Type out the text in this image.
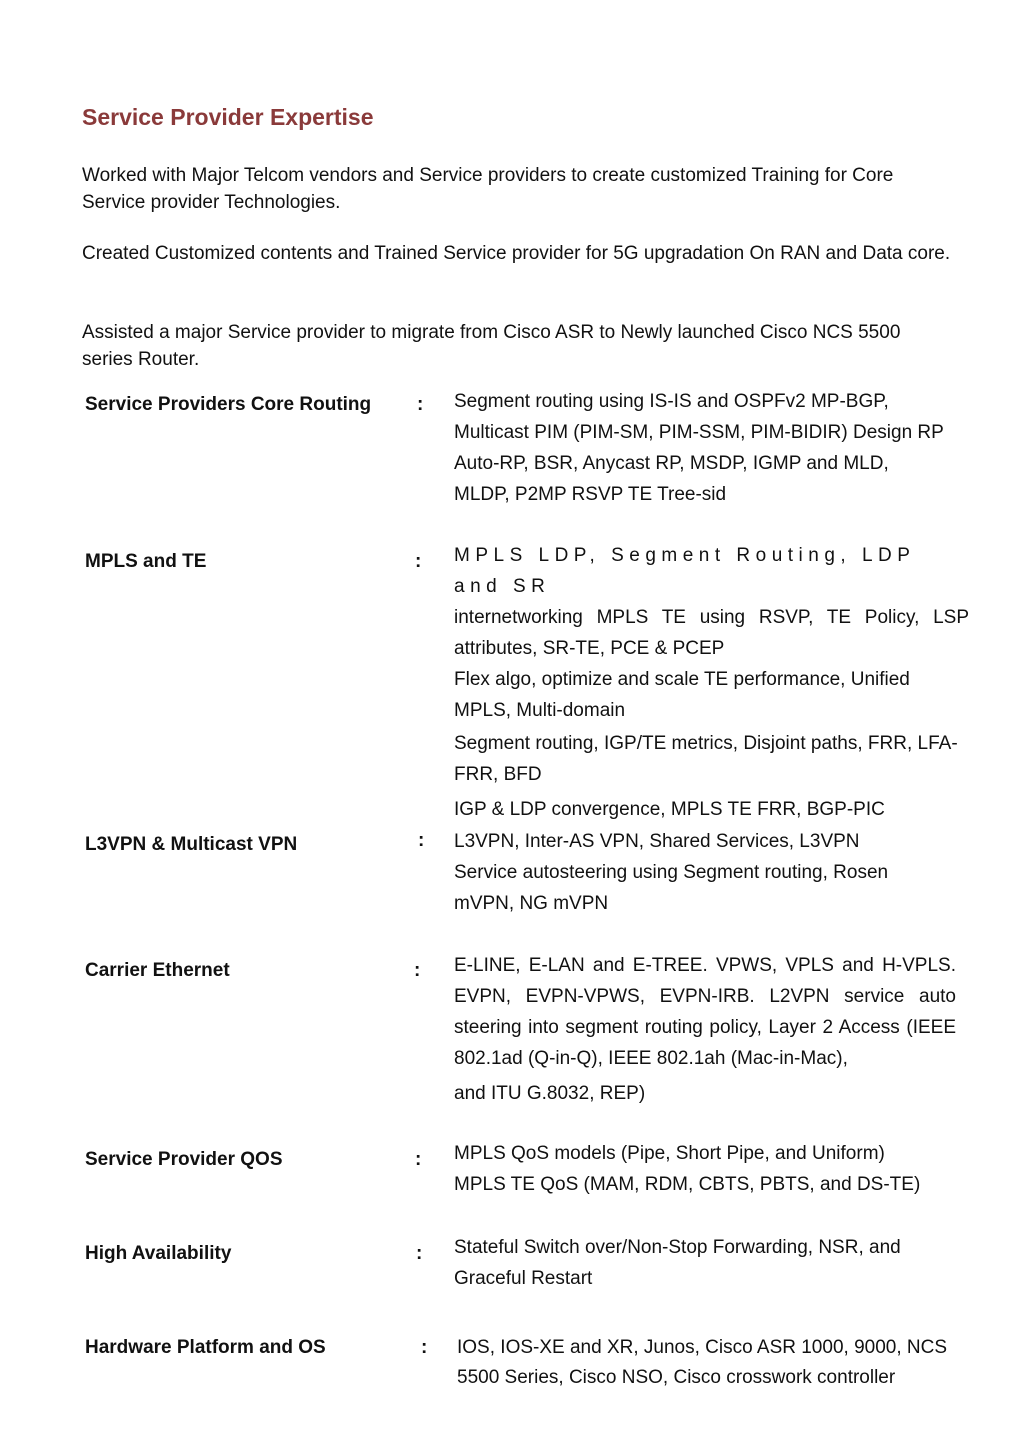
Service Provider Expertise

Worked with Major Telcom vendors and Service providers to create customized Training for Core Service provider Technologies.

Created Customized contents and Trained Service provider for 5G upgradation On RAN and Data core.

Assisted a major Service provider to migrate from Cisco ASR to Newly launched Cisco NCS 5500 series Router.

Service Providers Core Routing : Segment routing using IS-IS and OSPFv2 MP-BGP, Multicast PIM (PIM-SM, PIM-SSM, PIM-BIDIR) Design RP Auto-RP, BSR, Anycast RP, MSDP, IGMP and MLD, MLDP, P2MP RSVP TE Tree-sid

MPLS and TE	: MPLS LDP, Segment Routing, LDP and SR

internetworking MPLS TE using RSVP, TE Policy, LSP attributes, SR-TE, PCE & PCEP

Flex algo, optimize and scale TE performance, Unified MPLS, Multi-domain

Segment routing, IGP/TE metrics, Disjoint paths, FRR, LFA- FRR, BFD

IGP & LDP convergence, MPLS TE FRR, BGP-PIC

L3VPN & Multicast VPN	: L3VPN, Inter-AS VPN, Shared Services, L3VPN Service autosteering using Segment routing, Rosen mVPN, NG mVPN

Carrier Ethernet	: E-LINE, E-LAN and E-TREE. VPWS, VPLS and H-VPLS. EVPN, EVPN-VPWS, EVPN-IRB. L2VPN service auto steering into segment routing policy, Layer 2 Access (IEEE 802.1ad (Q-in-Q), IEEE 802.1ah (Mac-in-Mac),

and ITU G.8032, REP)

Service Provider QOS	: MPLS QoS models (Pipe, Short Pipe, and Uniform)

MPLS TE QoS (MAM, RDM, CBTS, PBTS, and DS-TE)

High Availability	: Stateful Switch over/Non-Stop Forwarding, NSR, and Graceful Restart

Hardware Platform and OS	: IOS, IOS-XE and XR, Junos, Cisco ASR 1000, 9000, NCS 5500 Series, Cisco NSO, Cisco crosswork controller
